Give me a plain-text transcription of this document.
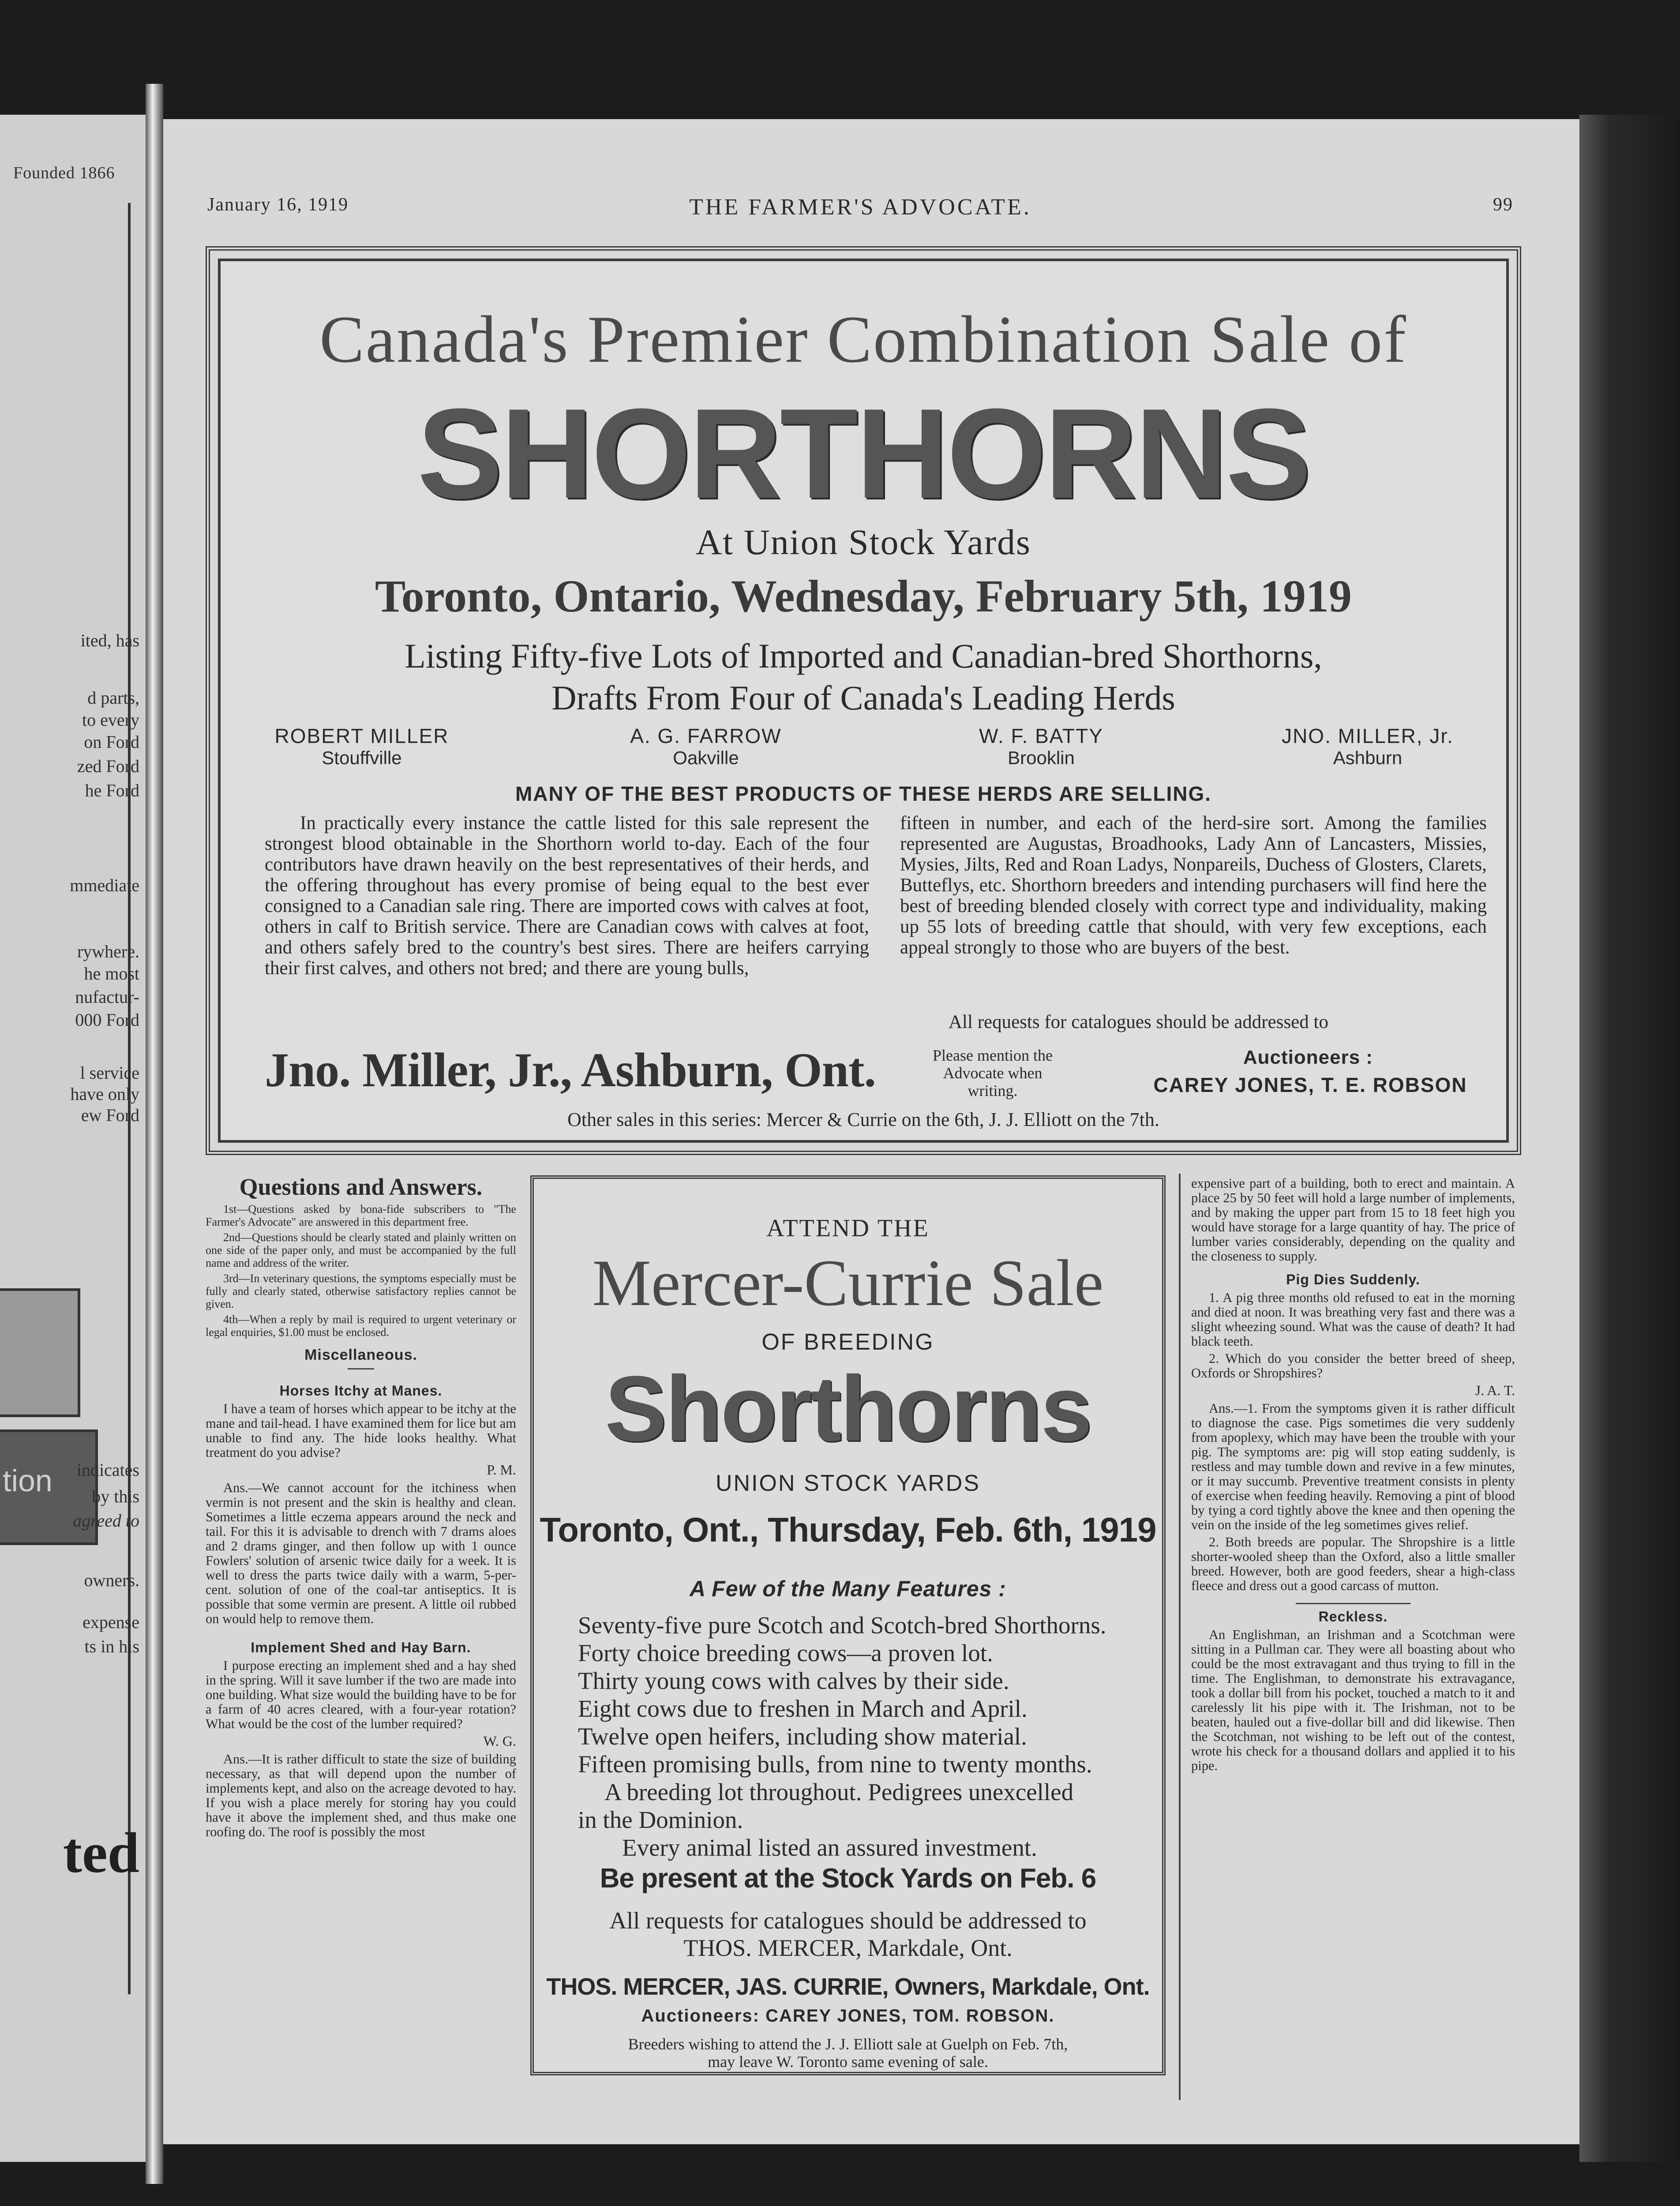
Founded 1866
ited, has
d parts,
to every
on Ford
zed Ford
he Ford
mmediate
rywhere.
he most
nufactur-
000 Ford
l service
have only
ew Ford
tion	indicates
by this
agreed to
owners.
expense
ts in his
ted
January 16, 1919	THE FARMER'S ADVOCATE.	99
Canada's Premier Combination Sale of
SHORTHORNS
At Union Stock Yards
Toronto, Ontario, Wednesday, February 5th, 1919
Listing Fifty-five Lots of Imported and Canadian-bred Shorthorns,
Drafts From Four of Canada's Leading Herds
ROBERT MILLER
Stouffville
A. G. FARROW
Oakville
W. F. BATTY
Brooklin
JNO. MILLER, Jr.
Ashburn
MANY OF THE BEST PRODUCTS OF THESE HERDS ARE SELLING.
In practically every instance the cattle listed for this sale represent the strongest blood obtainable in the Shorthorn world to-day. Each of the four contributors have drawn heavily on the best representatives of their herds, and the offering throughout has every promise of being equal to the best ever consigned to a Canadian sale ring. There are imported cows with calves at foot, others in calf to British service. There are Canadian cows with calves at foot, and others safely bred to the country's best sires. There are heifers carrying their first calves, and others not bred; and there are young bulls,
fifteen in number, and each of the herd-sire sort. Among the families represented are Augustas, Broadhooks, Lady Ann of Lancasters, Missies, Mysies, Jilts, Red and Roan Ladys, Nonpareils, Duchess of Glosters, Clarets, Butteflys, etc. Shorthorn breeders and intending purchasers will find here the best of breeding blended closely with correct type and individuality, making up 55 lots of breeding cattle that should, with very few exceptions, each appeal strongly to those who are buyers of the best.
All requests for catalogues should be addressed to
Jno. Miller, Jr., Ashburn, Ont.	Please mention the Advocate when writing.
Auctioneers :
CAREY JONES, T. E. ROBSON
Other sales in this series: Mercer & Currie on the 6th, J. J. Elliott on the 7th.
Questions and Answers.
1st—Questions asked by bona-fide subscribers to "The Farmer's Advocate" are answered in this department free.
2nd—Questions should be clearly stated and plainly written on one side of the paper only, and must be accompanied by the full name and address of the writer.
3rd—In veterinary questions, the symptoms especially must be fully and clearly stated, otherwise satisfactory replies cannot be given.
4th—When a reply by mail is required to urgent veterinary or legal enquiries, $1.00 must be enclosed.
Miscellaneous.
Horses Itchy at Manes.

I have a team of horses which appear to be itchy at the mane and tail-head. I have examined them for lice but am unable to find any. The hide looks healthy. What treatment do you advise?

P. M.

Ans.—We cannot account for the itchiness when vermin is not present and the skin is healthy and clean. Sometimes a little eczema appears around the neck and tail. For this it is advisable to drench with 7 drams aloes and 2 drams ginger, and then follow up with 1 ounce Fowlers' solution of arsenic twice daily for a week. It is well to dress the parts twice daily with a warm, 5-per-cent. solution of one of the coal-tar antiseptics. It is possible that some vermin are present. A little oil rubbed on would help to remove them.

Implement Shed and Hay Barn.

I purpose erecting an implement shed and a hay shed in the spring. Will it save lumber if the two are made into one building. What size would the building have to be for a farm of 40 acres cleared, with a four-year rotation? What would be the cost of the lumber required?

W. G.

Ans.—It is rather difficult to state the size of building necessary, as that will depend upon the number of implements kept, and also on the acreage devoted to hay. If you wish a place merely for storing hay you could have it above the implement shed, and thus make one roofing do. The roof is possibly the most

ATTEND THE
Mercer-Currie Sale
OF BREEDING
Shorthorns
UNION STOCK YARDS
Toronto, Ont., Thursday, Feb. 6th, 1919
A Few of the Many Features :
Seventy-five pure Scotch and Scotch-bred Shorthorns.
Forty choice breeding cows—a proven lot.
Thirty young cows with calves by their side.
Eight cows due to freshen in March and April.
Twelve open heifers, including show material.
Fifteen promising bulls, from nine to twenty months.
A breeding lot throughout. Pedigrees unexcelled
in the Dominion.
Every animal listed an assured investment.
Be present at the Stock Yards on Feb. 6
All requests for catalogues should be addressed to
THOS. MERCER, Markdale, Ont.
THOS. MERCER, JAS. CURRIE, Owners, Markdale, Ont.
Auctioneers: CAREY JONES, TOM. ROBSON.
Breeders wishing to attend the J. J. Elliott sale at Guelph on Feb. 7th,
may leave W. Toronto same evening of sale.

expensive part of a building, both to erect and maintain. A place 25 by 50 feet will hold a large number of implements, and by making the upper part from 15 to 18 feet high you would have storage for a large quantity of hay. The price of lumber varies considerably, depending on the quality and the closeness to supply.

Pig Dies Suddenly.

1. A pig three months old refused to eat in the morning and died at noon. It was breathing very fast and there was a slight wheezing sound. What was the cause of death? It had black teeth.

2. Which do you consider the better breed of sheep, Oxfords or Shropshires?

J. A. T.

Ans.—1. From the symptoms given it is rather difficult to diagnose the case. Pigs sometimes die very suddenly from apoplexy, which may have been the trouble with your pig. The symptoms are: pig will stop eating suddenly, is restless and may tumble down and revive in a few minutes, or it may succumb. Preventive treatment consists in plenty of exercise when feeding heavily. Removing a pint of blood by tying a cord tightly above the knee and then opening the vein on the inside of the leg sometimes gives relief.

2. Both breeds are popular. The Shropshire is a little shorter-wooled sheep than the Oxford, also a little smaller breed. However, both are good feeders, shear a high-class fleece and dress out a good carcass of mutton.

Reckless.

An Englishman, an Irishman and a Scotchman were sitting in a Pullman car. They were all boasting about who could be the most extravagant and thus trying to fill in the time. The Englishman, to demonstrate his extravagance, took a dollar bill from his pocket, touched a match to it and carelessly lit his pipe with it. The Irishman, not to be beaten, hauled out a five-dollar bill and did likewise. Then the Scotchman, not wishing to be left out of the contest, wrote his check for a thousand dollars and applied it to his pipe.
